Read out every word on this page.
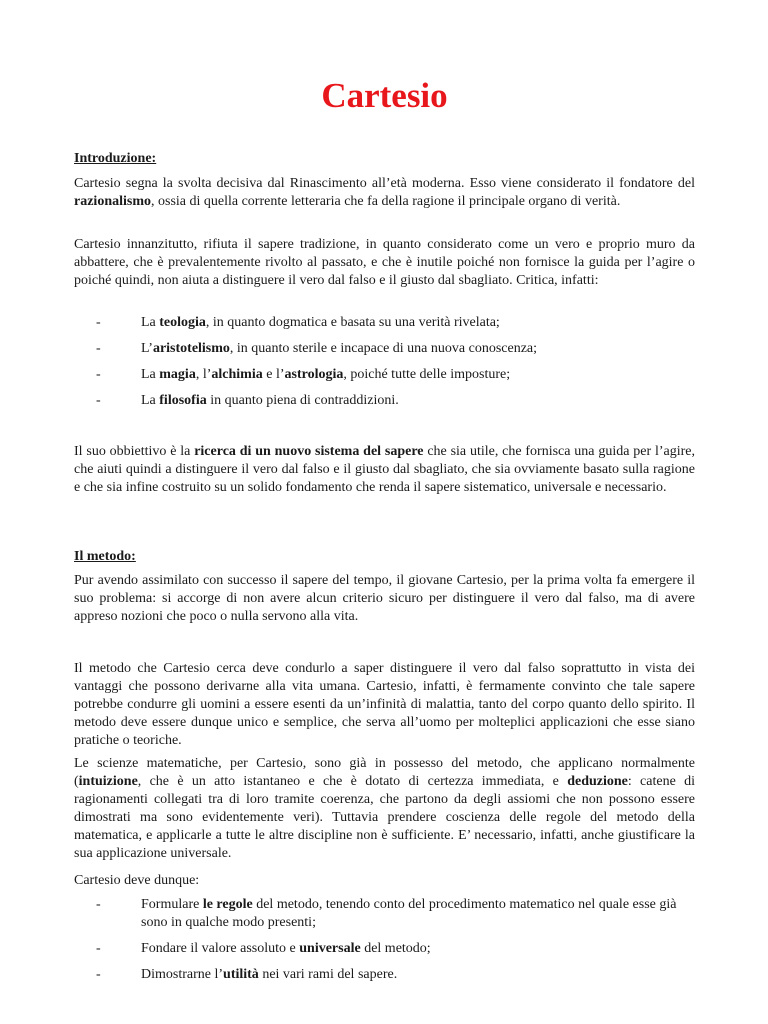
Cartesio
Introduzione:

Cartesio segna la svolta decisiva dal Rinascimento all’età moderna. Esso viene considerato il fondatore del razionalismo, ossia di quella corrente letteraria che fa della ragione il principale organo di verità.

Cartesio innanzitutto, rifiuta il sapere tradizione, in quanto considerato come un vero e proprio muro da abbattere, che è prevalentemente rivolto al passato, e che è inutile poiché non fornisce la guida per l’agire o poiché quindi, non aiuta a distinguere il vero dal falso e il giusto dal sbagliato. Critica, infatti:

-	La teologia, in quanto dogmatica e basata su una verità rivelata;
-	L’aristotelismo, in quanto sterile e incapace di una nuova conoscenza;
-	La magia, l’alchimia e l’astrologia, poiché tutte delle imposture;
-	La filosofia in quanto piena di contraddizioni.

Il suo obbiettivo è la ricerca di un nuovo sistema del sapere che sia utile, che fornisca una guida per l’agire, che aiuti quindi a distinguere il vero dal falso e il giusto dal sbagliato, che sia ovviamente basato sulla ragione e che sia infine costruito su un solido fondamento che renda il sapere sistematico, universale e necessario.

Il metodo:

Pur avendo assimilato con successo il sapere del tempo, il giovane Cartesio, per la prima volta fa emergere il suo problema: si accorge di non avere alcun criterio sicuro per distinguere il vero dal falso, ma di avere appreso nozioni che poco o nulla servono alla vita.

Il metodo che Cartesio cerca deve condurlo a saper distinguere il vero dal falso soprattutto in vista dei vantaggi che possono derivarne alla vita umana. Cartesio, infatti, è fermamente convinto che tale sapere potrebbe condurre gli uomini a essere esenti da un’infinità di malattia, tanto del corpo quanto dello spirito. Il metodo deve essere dunque unico e semplice, che serva all’uomo per molteplici applicazioni che esse siano pratiche o teoriche.

Le scienze matematiche, per Cartesio, sono già in possesso del metodo, che applicano normalmente (intuizione, che è un atto istantaneo e che è dotato di certezza immediata, e deduzione: catene di ragionamenti collegati tra di loro tramite coerenza, che partono da degli assiomi che non possono essere dimostrati ma sono evidentemente veri). Tuttavia prendere coscienza delle regole del metodo della matematica, e applicarle a tutte le altre discipline non è sufficiente. E’ necessario, infatti, anche giustificare la sua applicazione universale.

Cartesio deve dunque:

-	Formulare le regole del metodo, tenendo conto del procedimento matematico nel quale esse già sono in qualche modo presenti;
-	Fondare il valore assoluto e universale del metodo;
-	Dimostrarne l’utilità nei vari rami del sapere.
